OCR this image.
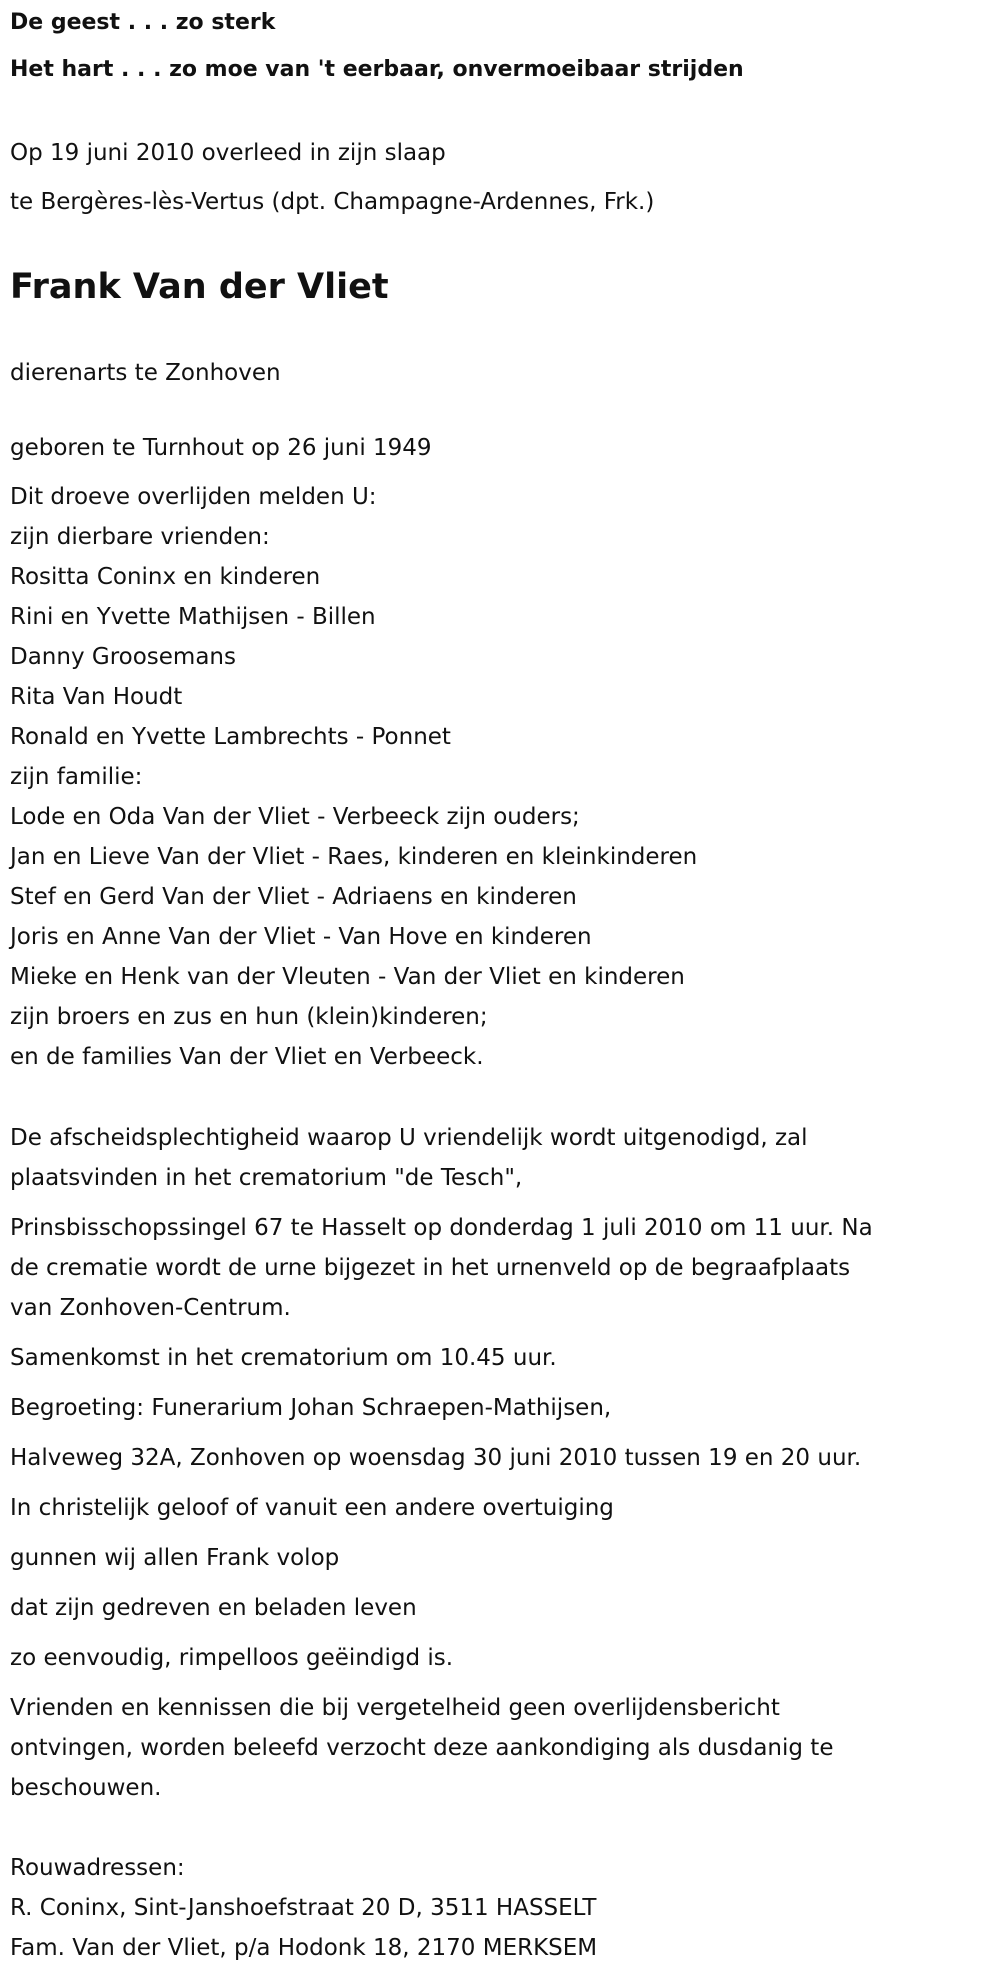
De geest . . . zo sterk

Het hart . . . zo moe van 't eerbaar, onvermoeibaar strijden

Op 19 juni 2010 overleed in zijn slaap

te Bergères-lès-Vertus (dpt. Champagne-Ardennes, Frk.)

Frank Van der Vliet

dierenarts te Zonhoven

geboren te Turnhout op 26 juni 1949

Dit droeve overlijden melden U:

zijn dierbare vrienden:

Rositta Coninx en kinderen

Rini en Yvette Mathijsen - Billen

Danny Groosemans

Rita Van Houdt

Ronald en Yvette Lambrechts - Ponnet

zijn familie:

Lode en Oda Van der Vliet - Verbeeck zijn ouders;

Jan en Lieve Van der Vliet - Raes, kinderen en kleinkinderen

Stef en Gerd Van der Vliet - Adriaens en kinderen

Joris en Anne Van der Vliet - Van Hove en kinderen

Mieke en Henk van der Vleuten - Van der Vliet en kinderen

zijn broers en zus en hun (klein)kinderen;

en de families Van der Vliet en Verbeeck.

De afscheidsplechtigheid waarop U vriendelijk wordt uitgenodigd, zal

plaatsvinden in het crematorium "de Tesch",

Prinsbisschopssingel 67 te Hasselt op donderdag 1 juli 2010 om 11 uur. Na

de crematie wordt de urne bijgezet in het urnenveld op de begraafplaats

van Zonhoven-Centrum.

Samenkomst in het crematorium om 10.45 uur.

Begroeting: Funerarium Johan Schraepen-Mathijsen,

Halveweg 32A, Zonhoven op woensdag 30 juni 2010 tussen 19 en 20 uur.

In christelijk geloof of vanuit een andere overtuiging

gunnen wij allen Frank volop

dat zijn gedreven en beladen leven

zo eenvoudig, rimpelloos geëindigd is.

Vrienden en kennissen die bij vergetelheid geen overlijdensbericht

ontvingen, worden beleefd verzocht deze aankondiging als dusdanig te

beschouwen.

Rouwadressen:

R. Coninx, Sint-Janshoefstraat 20 D, 3511 HASSELT

Fam. Van der Vliet, p/a Hodonk 18, 2170 MERKSEM
